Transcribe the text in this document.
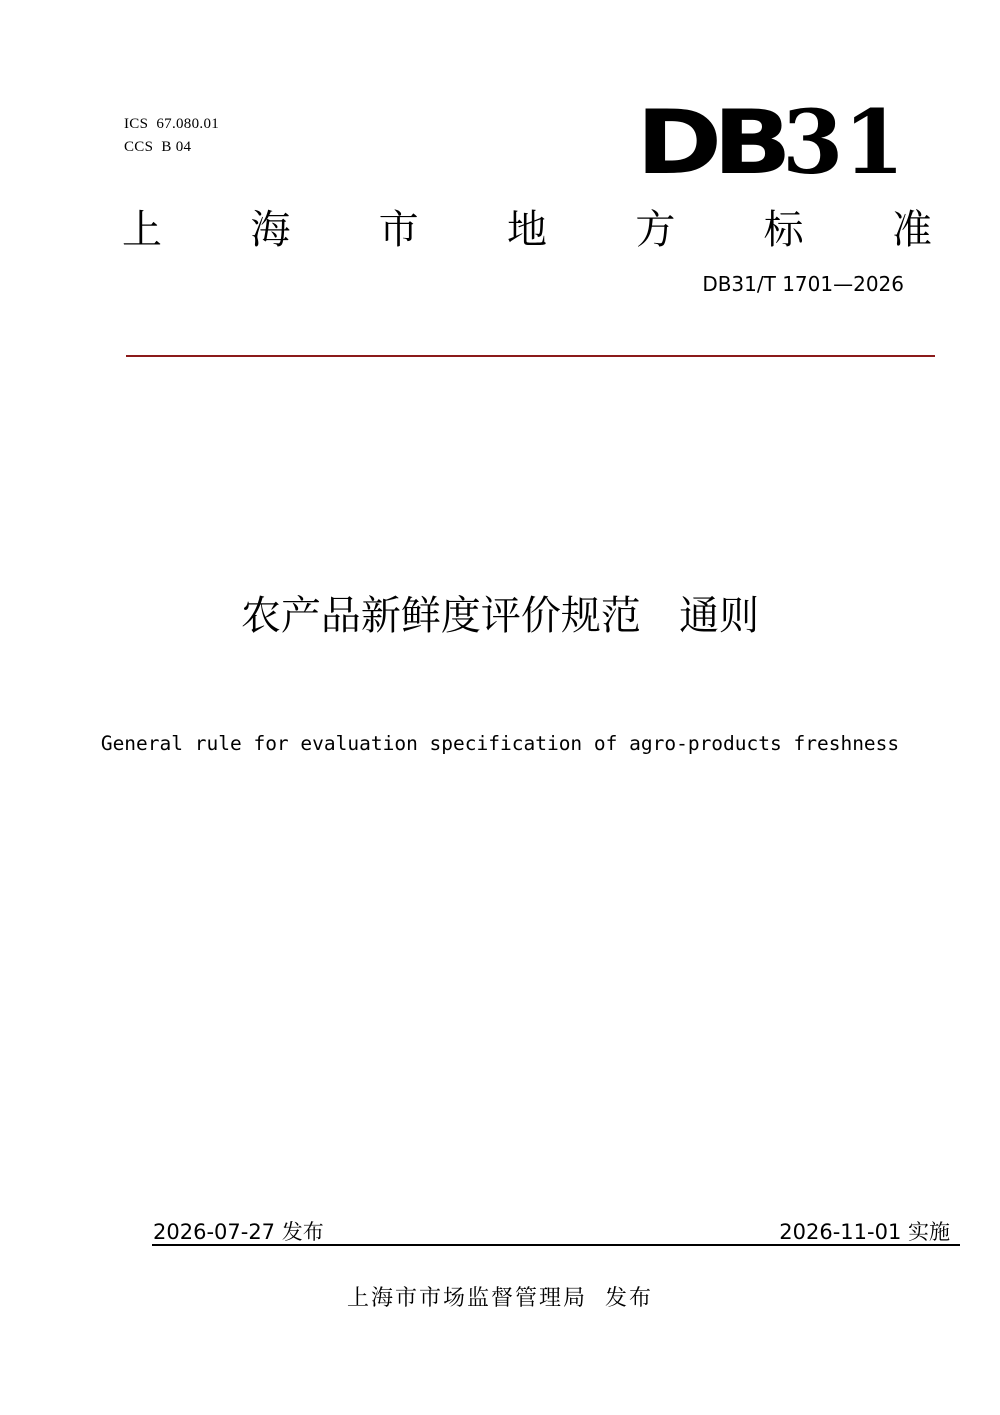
ICS  67.080.01
CCS  B 04	DB31
上 海 市 地 方 标 准
DB31/T 1701—2026
农产品新鲜度评价规范   通则
General rule for evaluation specification of agro-products freshness
2026-07-27 发布	2026-11-01 实施
上海市市场监督管理局  发布
